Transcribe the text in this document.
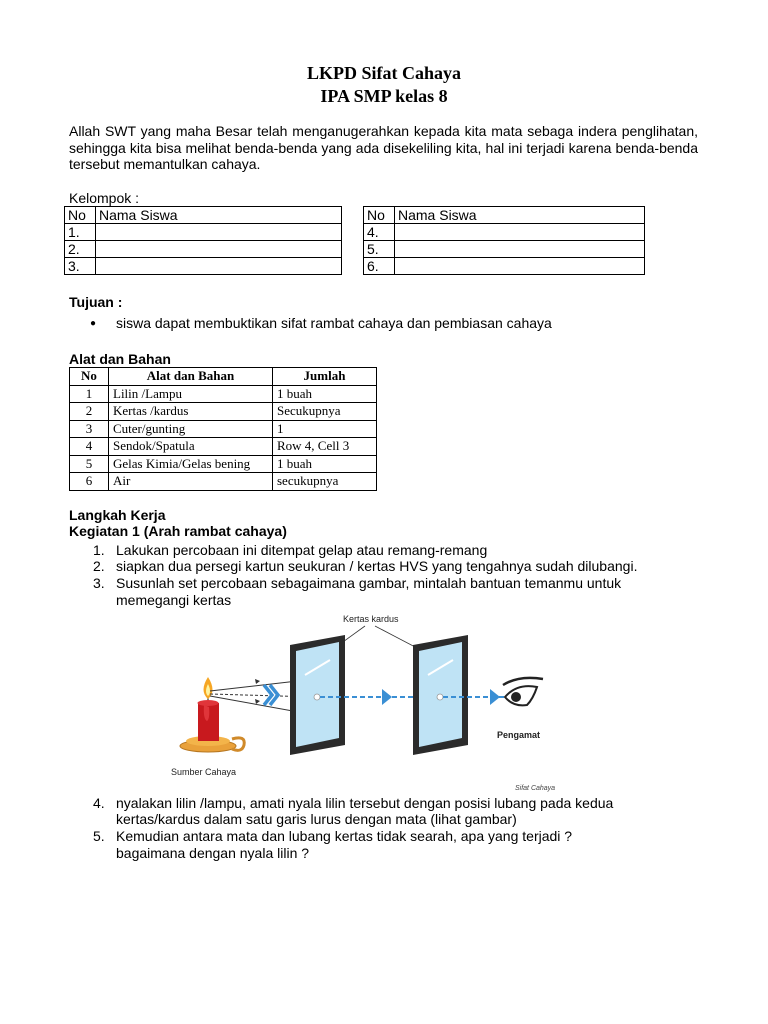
LKPD Sifat Cahaya
IPA SMP kelas 8
Allah SWT yang maha Besar telah menganugerahkan kepada kita mata sebaga indera penglihatan, sehingga kita bisa melihat benda-benda yang ada disekeliling kita, hal ini terjadi karena benda-benda tersebut memantulkan cahaya.
Kelompok :
No	Nama Siswa
1.	
2.	
3.	
No	Nama Siswa
4.	
5.	
6.	
Tujuan :
● siswa dapat membuktikan sifat rambat cahaya dan pembiasan cahaya
Alat dan Bahan
No	Alat dan Bahan	Jumlah
1	Lilin /Lampu	1 buah
2	Kertas /kardus	Secukupnya
3	Cuter/gunting	1
4	Sendok/Spatula	Row 4, Cell 3
5	Gelas Kimia/Gelas bening	1 buah
6	Air	secukupnya
Langkah Kerja
Kegiatan 1 (Arah rambat cahaya)
1. Lakukan percobaan ini ditempat gelap atau remang-remang
2. siapkan dua persegi kartun seukuran / kertas HVS yang tengahnya sudah dilubangi.
3. Susunlah set percobaan sebagaimana gambar, mintalah bantuan temanmu untuk
memegangi kertas
Kertas kardus
Sumber Cahaya
Pengamat
Sifat Cahaya
4. nyalakan lilin /lampu, amati nyala lilin tersebut dengan posisi lubang pada kedua
kertas/kardus dalam satu garis lurus dengan mata (lihat gambar)
5. Kemudian antara mata dan lubang kertas tidak searah, apa yang terjadi ?
bagaimana dengan nyala lilin ?
